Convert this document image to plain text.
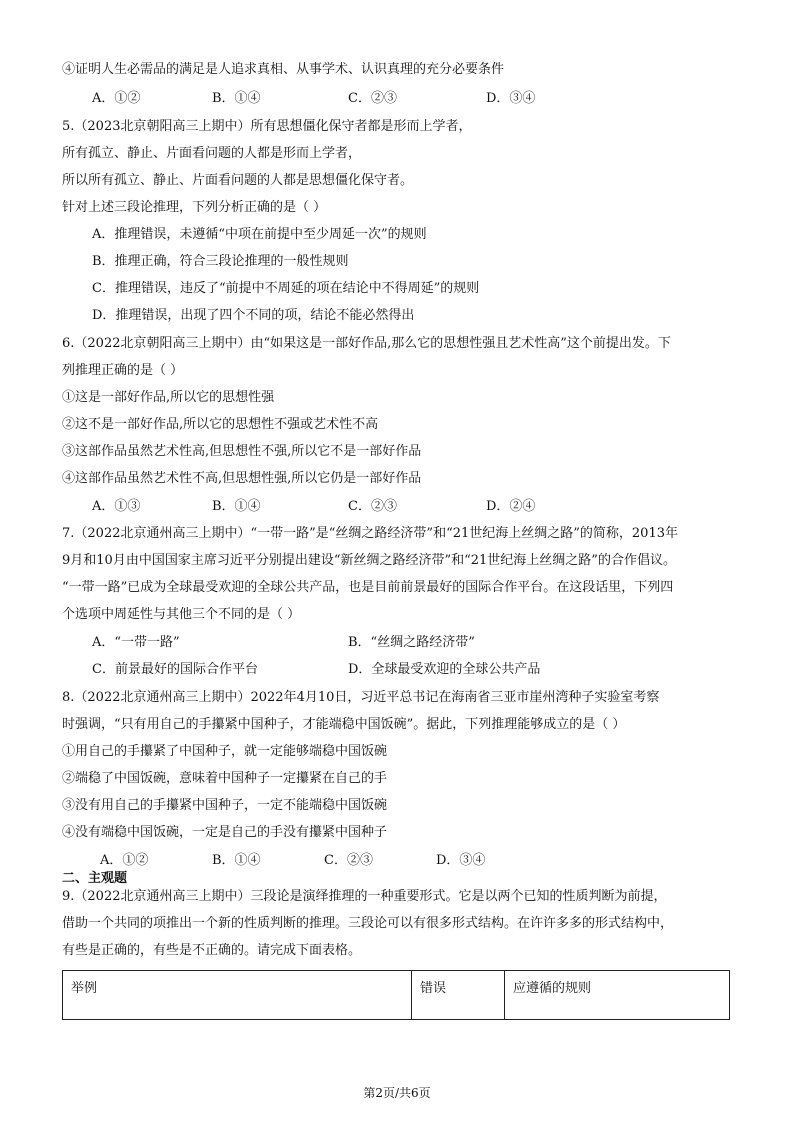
④证明人生必需品的满足是人追求真相、从事学术、认识真理的充分必要条件
A．①②	B．①④	C．②③	D．③④
5.（2023北京朝阳高三上期中）所有思想僵化保守者都是形而上学者，
所有孤立、静止、片面看问题的人都是形而上学者，
所以所有孤立、静止、片面看问题的人都是思想僵化保守者。
针对上述三段论推理，下列分析正确的是（ ）
A．推理错误，未遵循“中项在前提中至少周延一次”的规则
B．推理正确，符合三段论推理的一般性规则
C．推理错误，违反了“前提中不周延的项在结论中不得周延”的规则
D．推理错误，出现了四个不同的项，结论不能必然得出
6.（2022北京朝阳高三上期中）由“如果这是一部好作品,那么它的思想性强且艺术性高”这个前提出发。下
列推理正确的是（ ）
①这是一部好作品,所以它的思想性强
②这不是一部好作品,所以它的思想性不强或艺术性不高
③这部作品虽然艺术性高,但思想性不强,所以它不是一部好作品
④这部作品虽然艺术性不高,但思想性强,所以它仍是一部好作品
A．①③	B．①④	C．②③	D．②④
7.（2022北京通州高三上期中）“一带一路”是“丝绸之路经济带”和“21世纪海上丝绸之路”的简称，2013年
9月和10月由中国国家主席习近平分别提出建设“新丝绸之路经济带”和“21世纪海上丝绸之路”的合作倡议。
“一带一路”已成为全球最受欢迎的全球公共产品，也是目前前景最好的国际合作平台。在这段话里，下列四
个选项中周延性与其他三个不同的是（ ）
A．“一带一路”	B．“丝绸之路经济带”
C．前景最好的国际合作平台	D．全球最受欢迎的全球公共产品
8.（2022北京通州高三上期中）2022年4月10日，习近平总书记在海南省三亚市崖州湾种子实验室考察
时强调，“只有用自己的手攥紧中国种子，才能端稳中国饭碗”。据此，下列推理能够成立的是（ ）
①用自己的手攥紧了中国种子，就一定能够端稳中国饭碗
②端稳了中国饭碗，意味着中国种子一定攥紧在自己的手
③没有用自己的手攥紧中国种子，一定不能端稳中国饭碗
④没有端稳中国饭碗，一定是自己的手没有攥紧中国种子
A．①②	B．①④	C．②③	D．③④
二、主观题
9.（2022北京通州高三上期中）三段论是演绎推理的一种重要形式。它是以两个已知的性质判断为前提，
借助一个共同的项推出一个新的性质判断的推理。三段论可以有很多形式结构。在许许多多的形式结构中，
有些是正确的，有些是不正确的。请完成下面表格。
举例	错误	应遵循的规则
第2页/共6页
